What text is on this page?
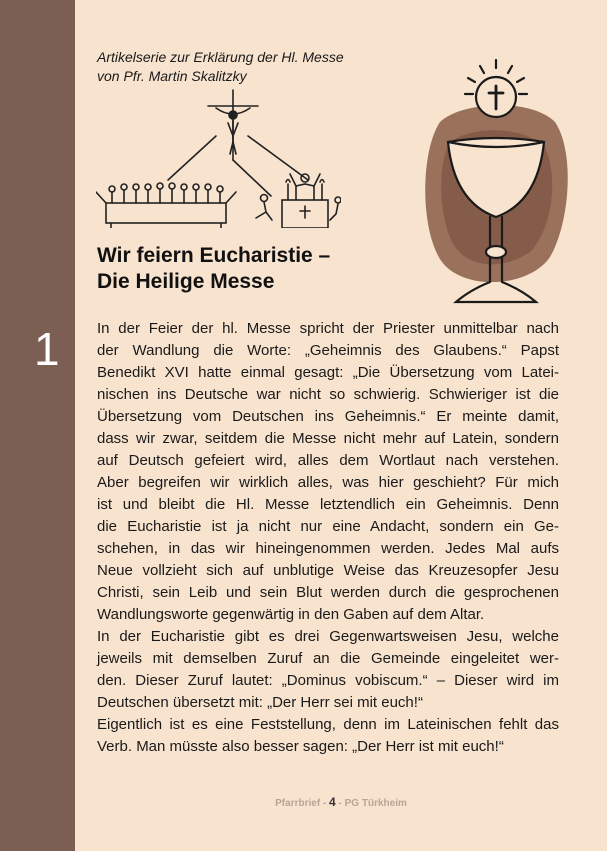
Artikelserie zur Erklärung der Hl. Messe
von Pfr. Martin Skalitzky
Wir feiern Eucharistie –
Die Heilige Messe
1 In der Feier der hl. Messe spricht der Priester unmittelbar nach
der Wandlung die Worte: „Geheimnis des Glaubens.“ Papst
Benedikt XVI hatte einmal gesagt: „Die Übersetzung vom Latei-
nischen ins Deutsche war nicht so schwierig. Schwieriger ist die
Übersetzung vom Deutschen ins Geheimnis.“ Er meinte damit,
dass wir zwar, seitdem die Messe nicht mehr auf Latein, sondern
auf Deutsch gefeiert wird, alles dem Wortlaut nach verstehen.
Aber begreifen wir wirklich alles, was hier geschieht? Für mich
ist und bleibt die Hl. Messe letztendlich ein Geheimnis. Denn
die Eucharistie ist ja nicht nur eine Andacht, sondern ein Ge-
schehen, in das wir hineingenommen werden. Jedes Mal aufs
Neue vollzieht sich auf unblutige Weise das Kreuzesopfer Jesu
Christi, sein Leib und sein Blut werden durch die gesprochenen
Wandlungsworte gegenwärtig in den Gaben auf dem Altar.
In der Eucharistie gibt es drei Gegenwartsweisen Jesu, welche
jeweils mit demselben Zuruf an die Gemeinde eingeleitet wer-
den. Dieser Zuruf lautet: „Dominus vobiscum.“ – Dieser wird im
Deutschen übersetzt mit: „Der Herr sei mit euch!“
Eigentlich ist es eine Feststellung, denn im Lateinischen fehlt das
Verb. Man müsste also besser sagen: „Der Herr ist mit euch!“
Pfarrbrief - 4 - PG Türkheim
